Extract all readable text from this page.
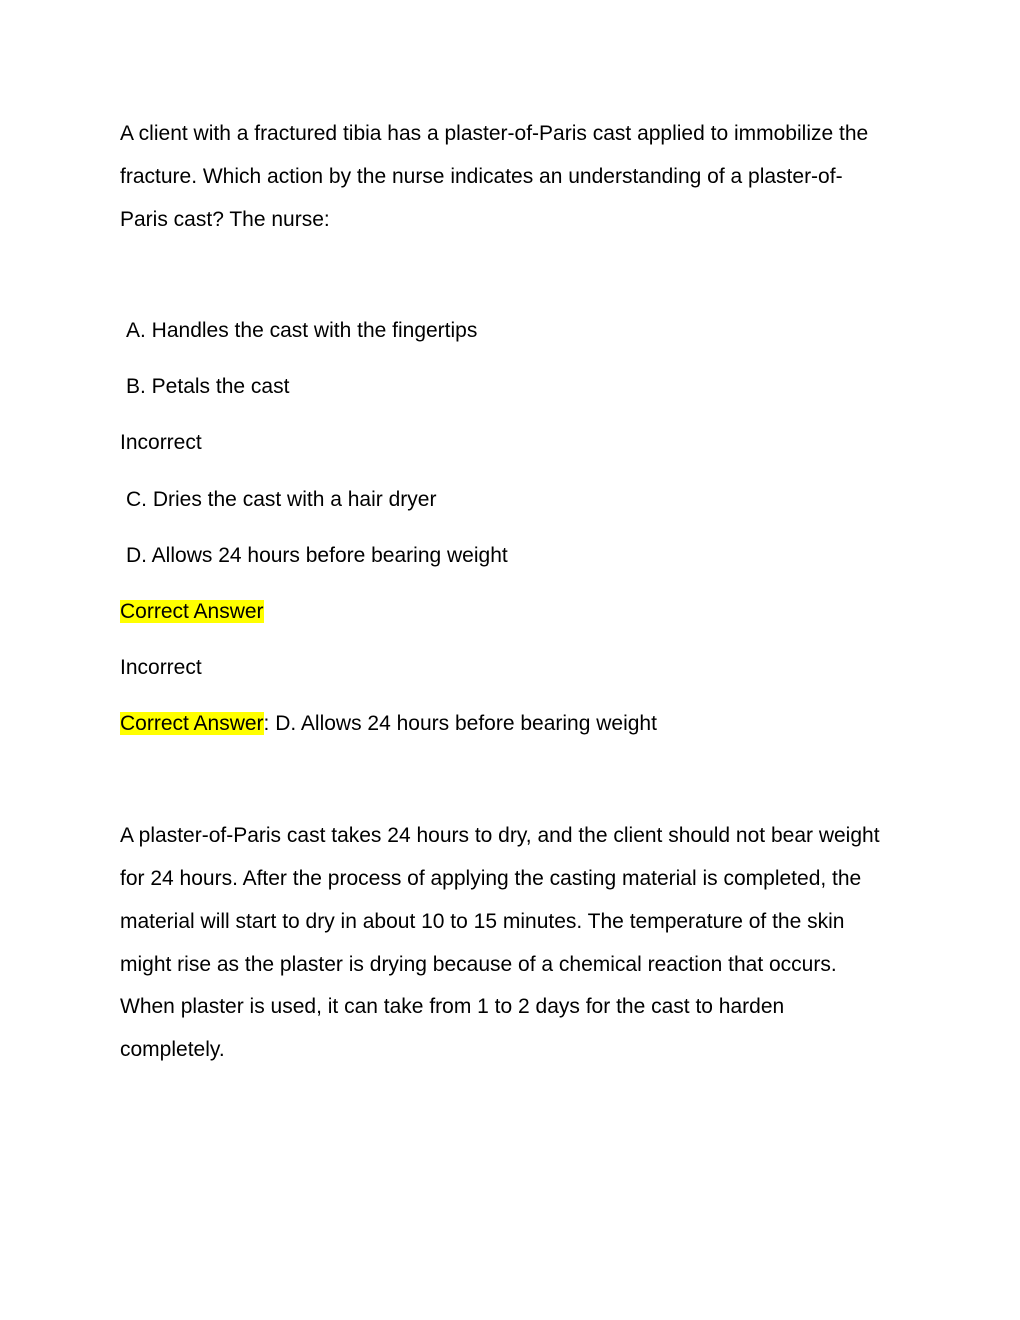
A client with a fractured tibia has a plaster-of-Paris cast applied to immobilize the
fracture. Which action by the nurse indicates an understanding of a plaster-of-
Paris cast? The nurse:
A. Handles the cast with the fingertips
B. Petals the cast
Incorrect
C. Dries the cast with a hair dryer
D. Allows 24 hours before bearing weight
Correct Answer
Incorrect
Correct Answer: D. Allows 24 hours before bearing weight
A plaster-of-Paris cast takes 24 hours to dry, and the client should not bear weight
for 24 hours. After the process of applying the casting material is completed, the
material will start to dry in about 10 to 15 minutes. The temperature of the skin
might rise as the plaster is drying because of a chemical reaction that occurs.
When plaster is used, it can take from 1 to 2 days for the cast to harden
completely.
